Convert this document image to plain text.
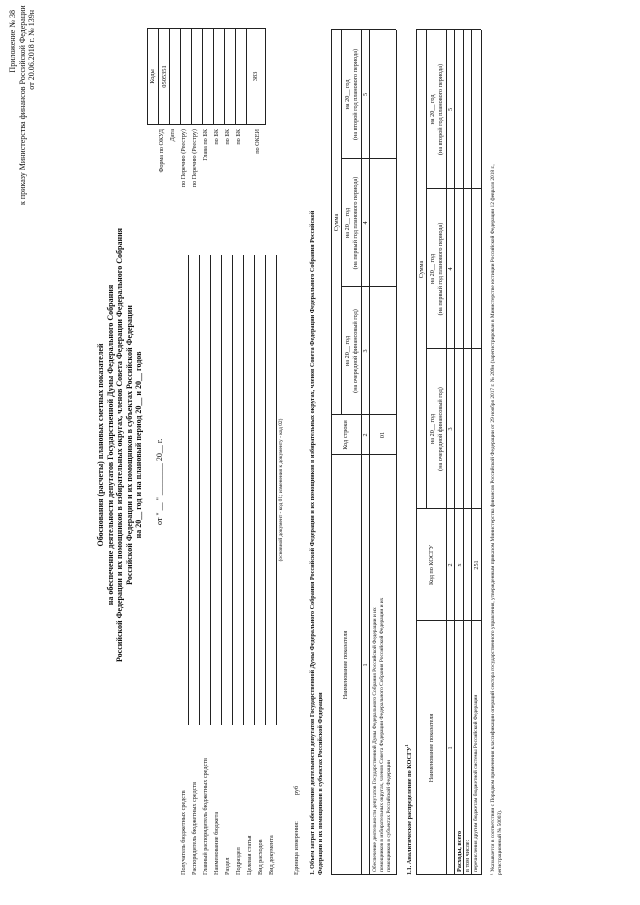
Приложение № 38 к приказу Министерства финансов Российской Федерации от 20.06.2018 г. № 139н
Обоснования (расчеты) плановых сметных показателей на обеспечение деятельности депутатов Государственной Думы Федерального Собрания Российской Федерации и их помощников в избирательных округах, членов Совета Федерации Федерального Собрания Российской Федерации и их помощников в субъектах Российской Федерации на 20__ год и на плановый период 20__ и 20__ годов от " __ " ________ 20__ г.
Коды 0505351	383
Форма по ОКУД Дата по Перечню (Реестру) по Перечню (Реестру) Глава по БК по БК по БК по БК по ОКЕИ
Получатель бюджетных средств Распорядитель бюджетных средств Главный распорядитель бюджетных средств Наименование бюджета Раздел Подраздел Целевая статья Вид расходов Вид документа
(основной документ - код 01; изменения к документу - код 02)
Единица измерения:
руб 1. Объем затрат на обеспечение деятельности депутатов Государственной Думы Федерального Собрания Российской Федерации и их помощников в избирательных округах, членов Совета Федерации Федерального Собрания Российской Федерации и их помощников в субъектах Российской Федерации
Наименование показателя
Код строки
Сумма
на 20__ год (на очередной финансовый год)
на 20__ год (на первый год планового периода)
на 20__ год (на второй год планового периода)
1
2
3
4
5
Обеспечение деятельности депутатов Государственной Думы Федерального Собрания Российской Федерации и их помощников в избирательных округах, членов Совета Федерации Федерального Собрания Российской Федерации и их помощников в субъектах Российской Федерации
01
1.1. Аналитическое распределение по КОСГУ$^1$	Наименование показателя
Код по КОСГУ
Сумма
на 20__ год (на очередной финансовый год)
на 20__ год (на первый год планового периода)
на 20__ год (на второй год планового периода)
1
2
3
4
5
Расходы, всего
x
в том числе: перечисления другим бюджетам бюджетной системы Российской Федерации
251 ¹ Указывается в соответствии с Порядком применения классификации операций сектора государственного управления, утвержденным приказом Министерства финансов Российской Федерации от 29 ноября 2017 г. № 209н (зарегистрирован в Министерстве юстиции Российской Федерации 12 февраля 2018 г., регистрационный № 50003).
